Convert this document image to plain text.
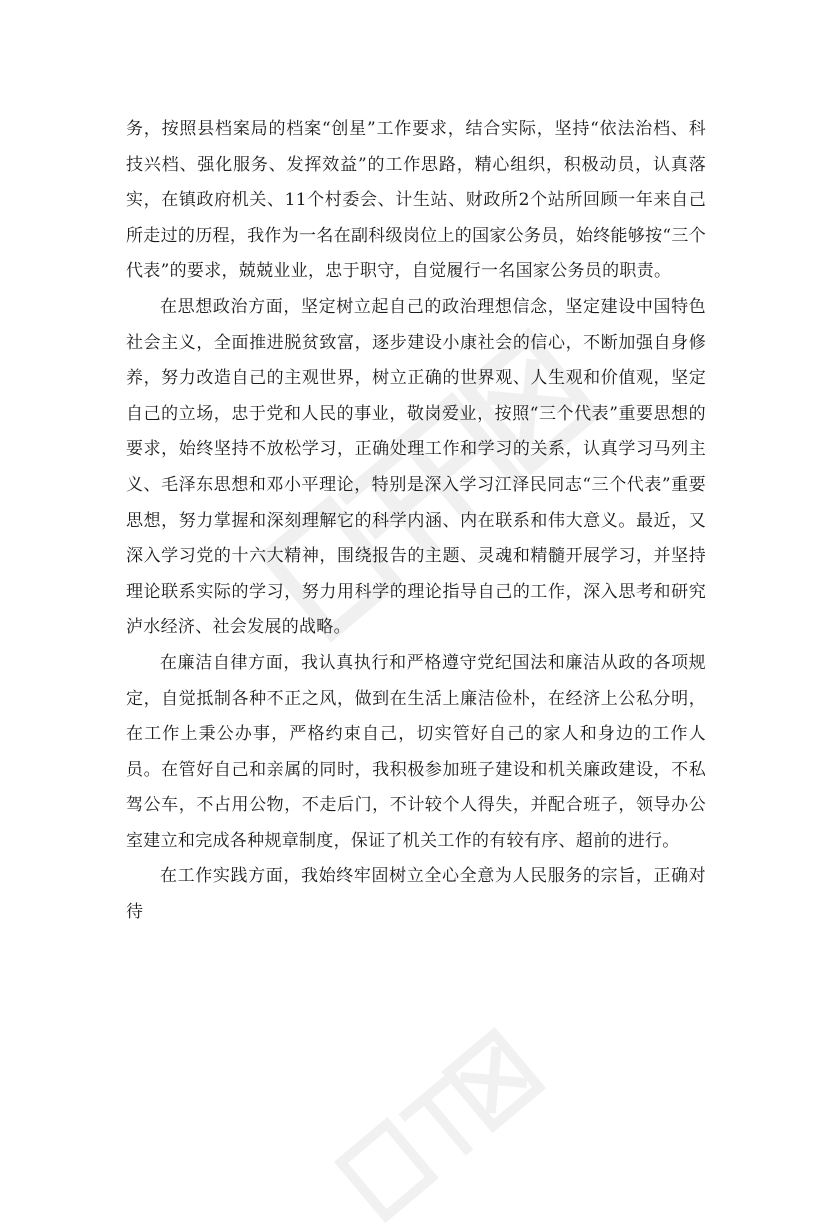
务，按照县档案局的档案“创星”工作要求，结合实际，坚持“依法治档、科技兴档、强化服务、发挥效益”的工作思路，精心组织，积极动员，认真落实，在镇政府机关、11个村委会、计生站、财政所2个站所回顾一年来自己所走过的历程，我作为一名在副科级岗位上的国家公务员，始终能够按“三个代表”的要求，兢兢业业，忠于职守，自觉履行一名国家公务员的职责。

在思想政治方面，坚定树立起自己的政治理想信念，坚定建设中国特色社会主义，全面推进脱贫致富，逐步建设小康社会的信心，不断加强自身修养，努力改造自己的主观世界，树立正确的世界观、人生观和价值观，坚定自己的立场，忠于党和人民的事业，敬岗爱业，按照“三个代表”重要思想的要求，始终坚持不放松学习，正确处理工作和学习的关系，认真学习马列主义、毛泽东思想和邓小平理论，特别是深入学习江泽民同志“三个代表”重要思想，努力掌握和深刻理解它的科学内涵、内在联系和伟大意义。最近，又深入学习党的十六大精神，围绕报告的主题、灵魂和精髓开展学习，并坚持理论联系实际的学习，努力用科学的理论指导自己的工作，深入思考和研究泸水经济、社会发展的战略。

在廉洁自律方面，我认真执行和严格遵守党纪国法和廉洁从政的各项规定，自觉抵制各种不正之风，做到在生活上廉洁俭朴，在经济上公私分明，在工作上秉公办事，严格约束自己，切实管好自己的家人和身边的工作人员。在管好自己和亲属的同时，我积极参加班子建设和机关廉政建设，不私驾公车，不占用公物，不走后门，不计较个人得失，并配合班子，领导办公室建立和完成各种规章制度，保证了机关工作的有较有序、超前的进行。

在工作实践方面，我始终牢固树立全心全意为人民服务的宗旨，正确对待
